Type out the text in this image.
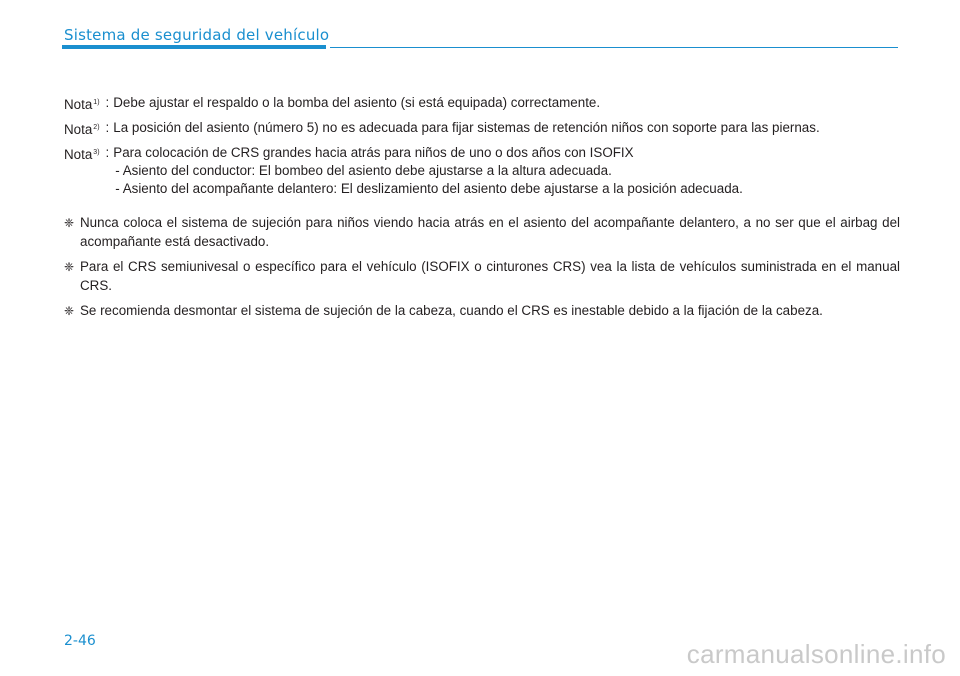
Sistema de seguridad del vehículo
Nota$^{1)}$ : Debe ajustar el respaldo o la bomba del asiento (si está equipada) correctamente.
Nota$^{2)}$ : La posición del asiento (número 5) no es adecuada para fijar sistemas de retención niños con soporte para las piernas.
Nota$^{3)}$ : Para colocación de CRS grandes hacia atrás para niños de uno o dos años con ISOFIX
- Asiento del conductor: El bombeo del asiento debe ajustarse a la altura adecuada.
- Asiento del acompañante delantero: El deslizamiento del asiento debe ajustarse a la posición adecuada.
❈ Nunca coloca el sistema de sujeción para niños viendo hacia atrás en el asiento del acompañante delantero, a no ser que el airbag del acompañante está desactivado.
❈ Para el CRS semiunivesal o específico para el vehículo (ISOFIX o cinturones CRS) vea la lista de vehículos suministrada en el manual CRS.
❈ Se recomienda desmontar el sistema de sujeción de la cabeza, cuando el CRS es inestable debido a la fijación de la cabeza.
2-46	carmanualsonline.info
